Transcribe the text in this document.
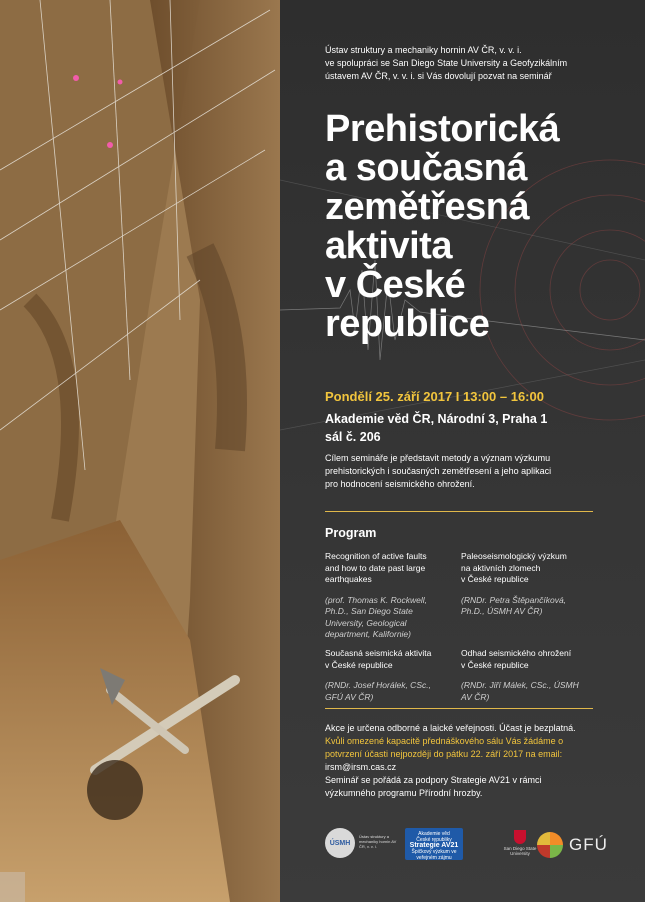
Ústav struktury a mechaniky hornin AV ČR, v. v. i.
ve spolupráci se San Diego State University a Geofyzikálním
ústavem AV ČR, v. v. i. si Vás dovolují pozvat na seminář
Prehistorická
a současná
zemětřesná
aktivita
v České
republice
Pondělí 25. září 2017 I 13:00 – 16:00
Akademie věd ČR, Národní 3, Praha 1
sál č. 206
Cílem semináře je představit metody a význam výzkumu
prehistorických i současných zemětřesení a jeho aplikaci
pro hodnocení seismického ohrožení.
Program
Recognition of active faults
and how to date past large
earthquakes
(prof. Thomas K. Rockwell,
Ph.D., San Diego State
University, Geological
department, Kalifornie)
Paleoseismologický výzkum
na aktivních zlomech
v České republice
(RNDr. Petra Štěpančíková,
Ph.D., ÚSMH AV ČR)
Současná seismická aktivita
v České republice
(RNDr. Josef Horálek, CSc.,
GFÚ AV ČR)
Odhad seismického ohrožení
v České republice
(RNDr. Jiří Málek, CSc., ÚSMH
AV ČR)
Akce je určena odborné a laické veřejnosti. Účast je bezplatná.
Kvůli omezené kapacitě přednáškového sálu Vás žádáme o
potvrzení účasti nejpozději do pátku 22. září 2017 na email:
irsm@irsm.cas.cz
Seminář se pořádá za podpory Strategie AV21 v rámci
výzkumného programu Přírodní hrozby.
ÚSMH
Ústav struktury a mechaniky hornin AV ČR, v. v. i.
Akademie věd
České republiky
Strategie AV21
Špičkový výzkum ve veřejném zájmu
San Diego State
University	GFÚ
